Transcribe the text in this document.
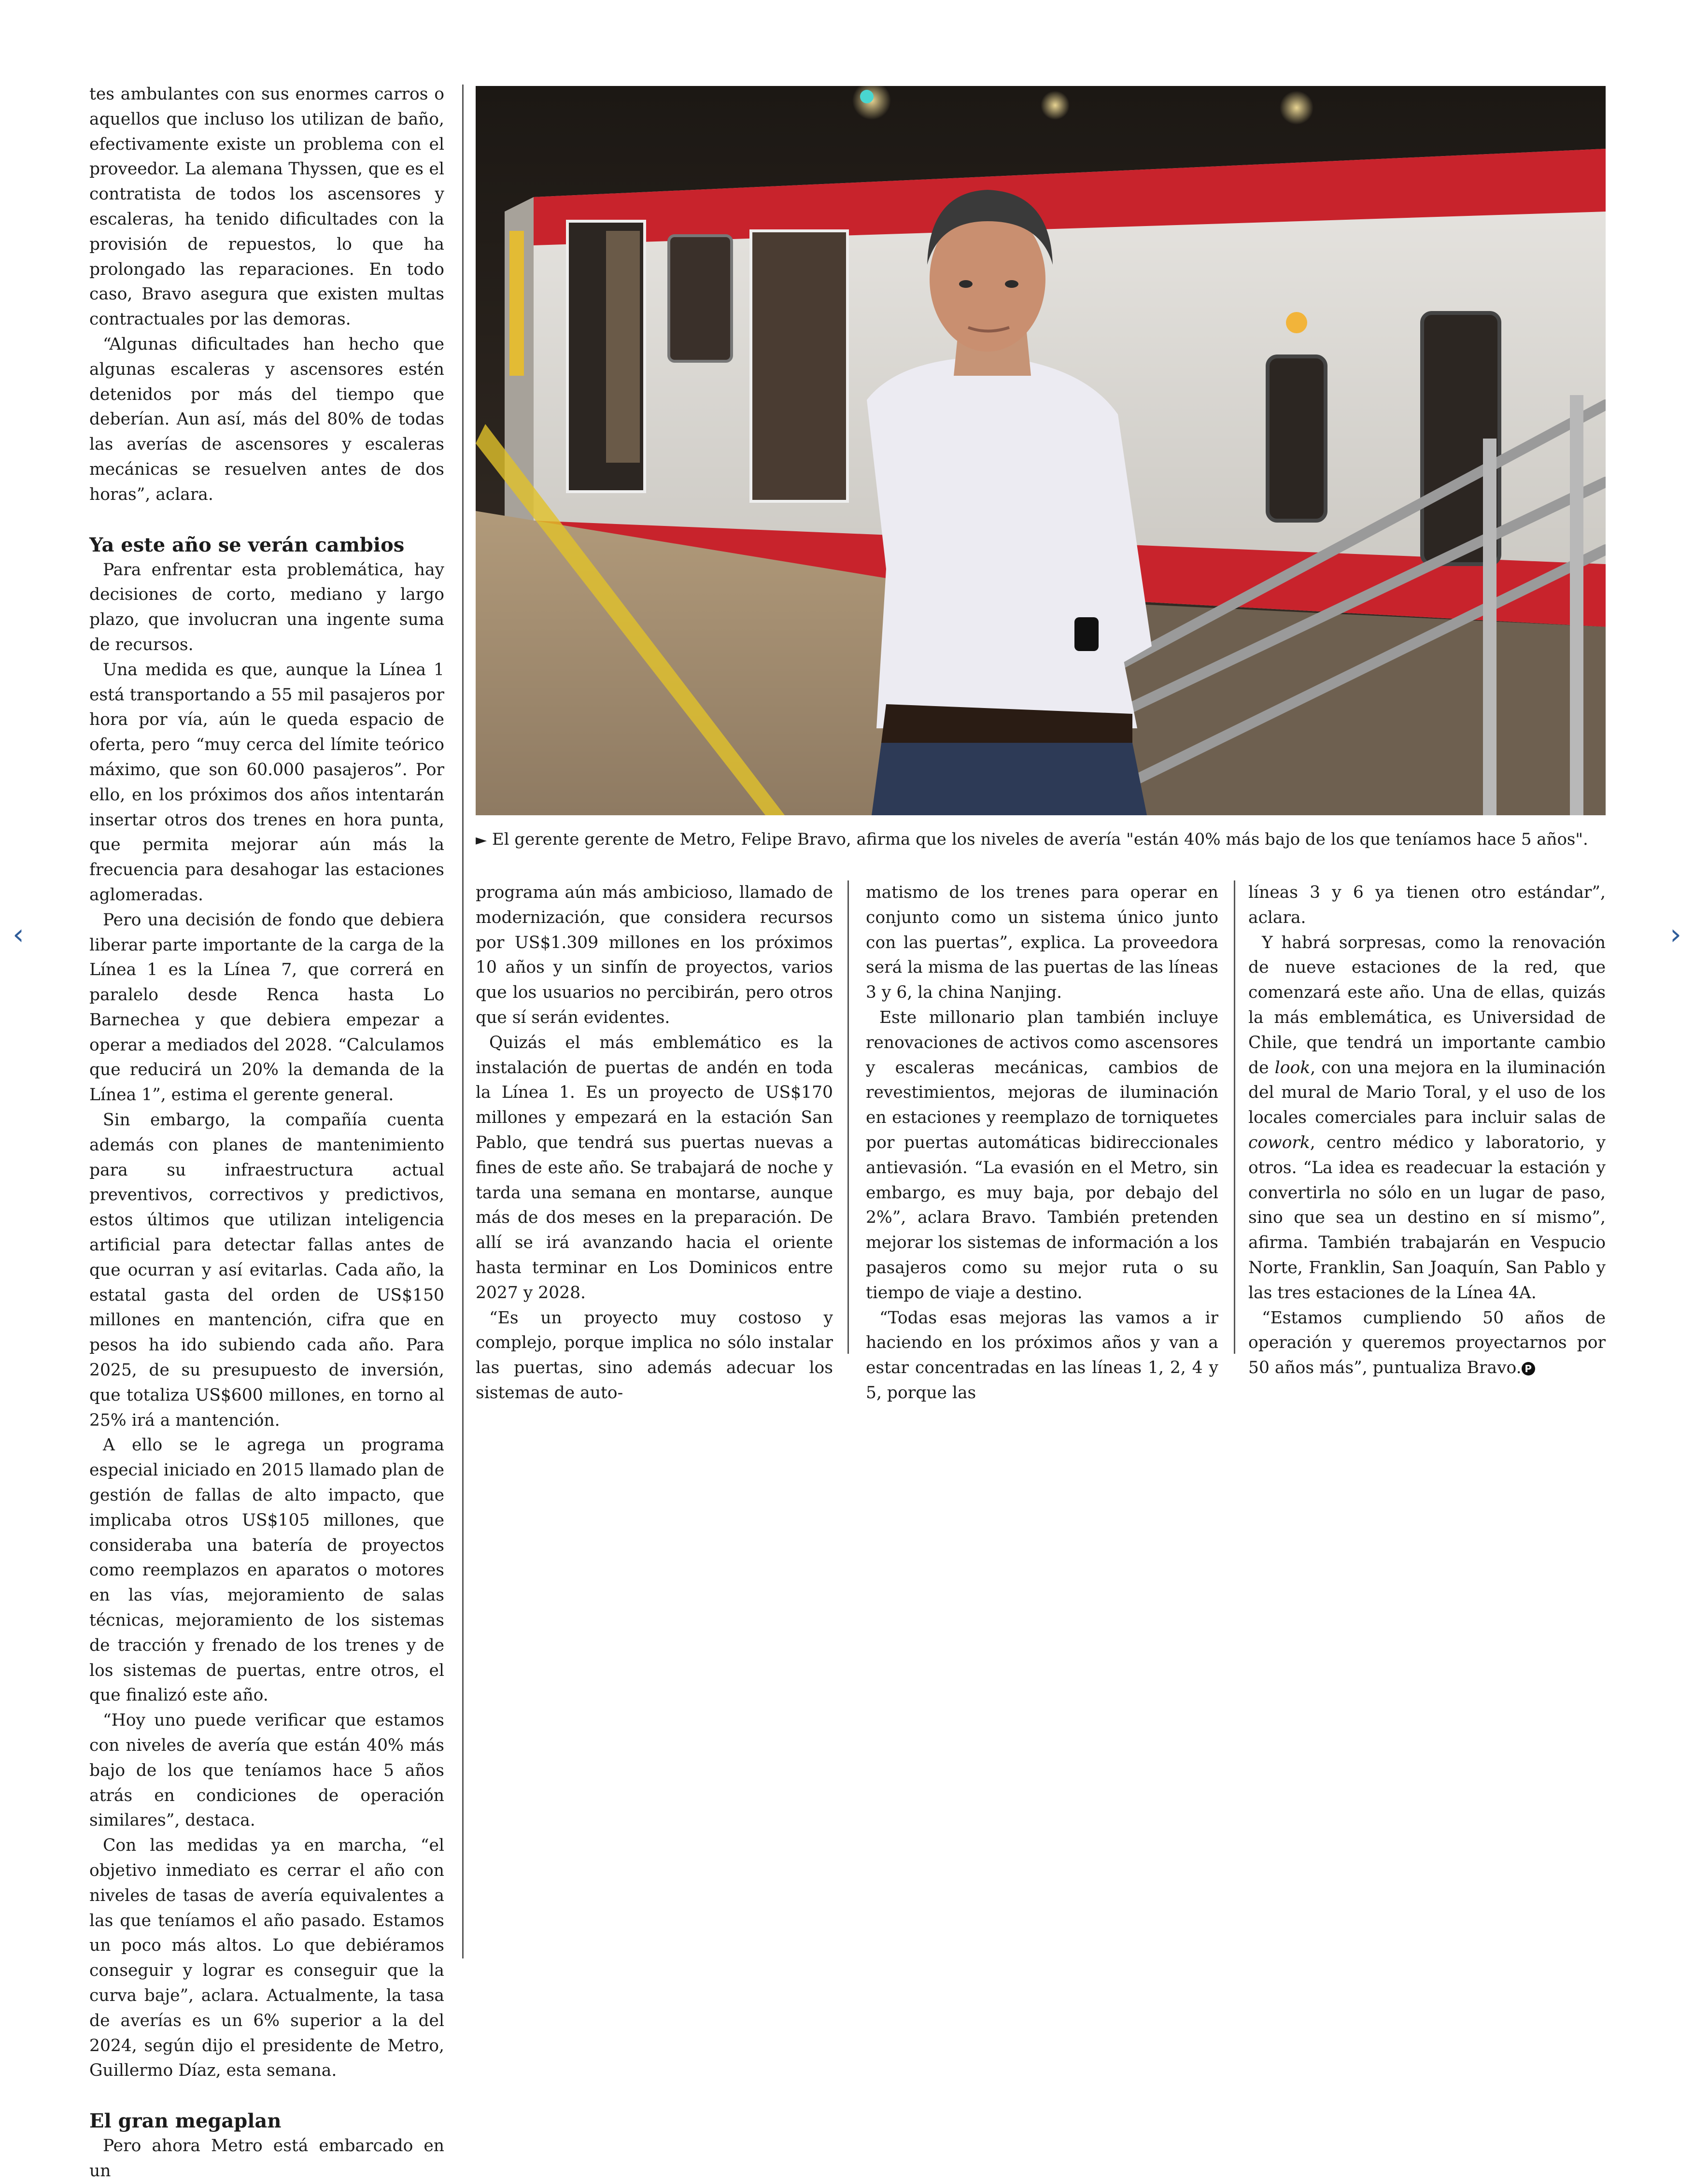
‹	›

tes ambulantes con sus enormes carros o aquellos que incluso los utilizan de baño, efectivamente existe un problema con el proveedor. La alemana Thyssen, que es el contratista de todos los ascensores y escaleras, ha tenido dificultades con la provisión de repuestos, lo que ha prolongado las reparaciones. En todo caso, Bravo asegura que existen multas contractuales por las demoras.

“Algunas dificultades han hecho que algunas escaleras y ascensores estén detenidos por más del tiempo que deberían. Aun así, más del 80% de todas las averías de ascensores y escaleras mecánicas se resuelven antes de dos horas”, aclara.

Ya este año se verán cambios

Para enfrentar esta problemática, hay decisiones de corto, mediano y largo plazo, que involucran una ingente suma de recursos.

Una medida es que, aunque la Línea 1 está transportando a 55 mil pasajeros por hora por vía, aún le queda espacio de oferta, pero “muy cerca del límite teórico máximo, que son 60.000 pasajeros”. Por ello, en los próximos dos años intentarán insertar otros dos trenes en hora punta, que permita mejorar aún más la frecuencia para desahogar las estaciones aglomeradas.

Pero una decisión de fondo que debiera liberar parte importante de la carga de la Línea 1 es la Línea 7, que correrá en paralelo desde Renca hasta Lo Barnechea y que debiera empezar a operar a mediados del 2028. “Calculamos que reducirá un 20% la demanda de la Línea 1”, estima el gerente general.

Sin embargo, la compañía cuenta además con planes de mantenimiento para su infraestructura actual preventivos, correctivos y predictivos, estos últimos que utilizan inteligencia artificial para detectar fallas antes de que ocurran y así evitarlas. Cada año, la estatal gasta del orden de US$150 millones en mantención, cifra que en pesos ha ido subiendo cada año. Para 2025, de su presupuesto de inversión, que totaliza US$600 millones, en torno al 25% irá a mantención.

A ello se le agrega un programa especial iniciado en 2015 llamado plan de gestión de fallas de alto impacto, que implicaba otros US$105 millones, que consideraba una batería de proyectos como reemplazos en aparatos o motores en las vías, mejoramiento de salas técnicas, mejoramiento de los sistemas de tracción y frenado de los trenes y de los sistemas de puertas, entre otros, el que finalizó este año.

“Hoy uno puede verificar que estamos con niveles de avería que están 40% más bajo de los que teníamos hace 5 años atrás en condiciones de operación similares”, destaca.

Con las medidas ya en marcha, “el objetivo inmediato es cerrar el año con niveles de tasas de avería equivalentes a las que teníamos el año pasado. Estamos un poco más altos. Lo que debiéramos conseguir y lograr es conseguir que la curva baje”, aclara. Actualmente, la tasa de averías es un 6% superior a la del 2024, según dijo el presidente de Metro, Guillermo Díaz, esta semana.

El gran megaplan

Pero ahora Metro está embarcado en un

► El gerente gerente de Metro, Felipe Bravo, afirma que los niveles de avería "están 40% más bajo de los que teníamos hace 5 años".

programa aún más ambicioso, llamado de modernización, que considera recursos por US$1.309 millones en los próximos 10 años y un sinfín de proyectos, varios que los usuarios no percibirán, pero otros que sí serán evidentes.

Quizás el más emblemático es la instalación de puertas de andén en toda la Línea 1. Es un proyecto de US$170 millones y empezará en la estación San Pablo, que tendrá sus puertas nuevas a fines de este año. Se trabajará de noche y tarda una semana en montarse, aunque más de dos meses en la preparación. De allí se irá avanzando hacia el oriente hasta terminar en Los Dominicos entre 2027 y 2028.

“Es un proyecto muy costoso y complejo, porque implica no sólo instalar las puertas, sino además adecuar los sistemas de auto-

matismo de los trenes para operar en conjunto como un sistema único junto con las puertas”, explica. La proveedora será la misma de las puertas de las líneas 3 y 6, la china Nanjing.

Este millonario plan también incluye renovaciones de activos como ascensores y escaleras mecánicas, cambios de revestimientos, mejoras de iluminación en estaciones y reemplazo de torniquetes por puertas automáticas bidireccionales antievasión. “La evasión en el Metro, sin embargo, es muy baja, por debajo del 2%”, aclara Bravo. También pretenden mejorar los sistemas de información a los pasajeros como su mejor ruta o su tiempo de viaje a destino.

“Todas esas mejoras las vamos a ir haciendo en los próximos años y van a estar concentradas en las líneas 1, 2, 4 y 5, porque las

líneas 3 y 6 ya tienen otro estándar”, aclara.

Y habrá sorpresas, como la renovación de nueve estaciones de la red, que comenzará este año. Una de ellas, quizás la más emblemática, es Universidad de Chile, que tendrá un importante cambio de look, con una mejora en la iluminación del mural de Mario Toral, y el uso de los locales comerciales para incluir salas de cowork, centro médico y laboratorio, y otros. “La idea es readecuar la estación y convertirla no sólo en un lugar de paso, sino que sea un destino en sí mismo”, afirma. También trabajarán en Vespucio Norte, Franklin, San Joaquín, San Pablo y las tres estaciones de la Línea 4A.

“Estamos cumpliendo 50 años de operación y queremos proyectarnos por 50 años más”, puntualiza Bravo. P
